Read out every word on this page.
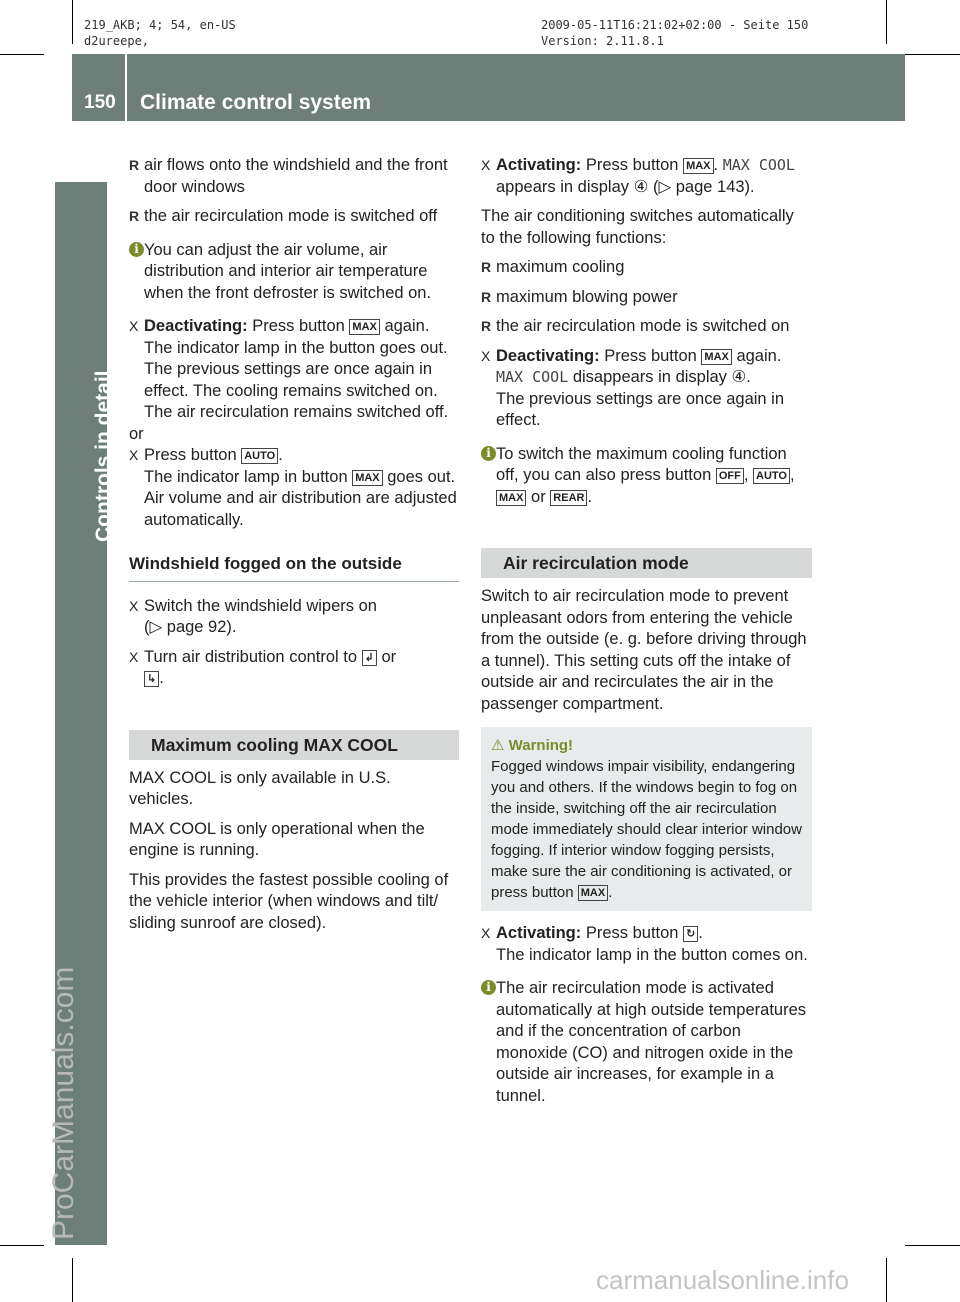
219_AKB; 4; 54, en-US
d2ureepe,
2009-05-11T16:21:02+02:00 - Seite 150
Version: 2.11.8.1
150 Climate control system
Controls in detail
ProCarManuals.com
carmanualsonline.info
R air flows onto the windshield and the front door windows

R the air recirculation mode is switched off

i You can adjust the air volume, air distribution and interior air temperature when the front defroster is switched on.

X Deactivating: Press button MAX again.

The indicator lamp in the button goes out. The previous settings are once again in effect. The cooling remains switched on. The air recirculation remains switched off.

or

X Press button AUTO .

The indicator lamp in button MAX goes out. Air volume and air distribution are adjusted automatically.

Windshield fogged on the outside

X Switch the windshield wipers on

(▷ page 92).

X Turn air distribution control to ↲ or

↳ .

Maximum cooling MAX COOL

MAX COOL is only available in U.S. vehicles.

MAX COOL is only operational when the engine is running.

This provides the fastest possible cooling of the vehicle interior (when windows and tilt/ sliding sunroof are closed).

X Activating: Press button MAX . MAX COOL

appears in display ④ (▷ page 143).

The air conditioning switches automatically to the following functions:

R maximum cooling

R maximum blowing power

R the air recirculation mode is switched on

X Deactivating: Press button MAX again.

MAX COOL disappears in display ④.

The previous settings are once again in effect.

i To switch the maximum cooling function off, you can also press button OFF , AUTO , MAX or REAR .

Air recirculation mode

Switch to air recirculation mode to prevent unpleasant odors from entering the vehicle from the outside (e. g. before driving through a tunnel). This setting cuts off the intake of outside air and recirculates the air in the passenger compartment.

⚠ Warning!

Fogged windows impair visibility, endangering you and others. If the windows begin to fog on the inside, switching off the air recirculation mode immediately should clear interior window fogging. If interior window fogging persists, make sure the air conditioning is activated, or press button MAX .

X Activating: Press button ↻ .

The indicator lamp in the button comes on.

i The air recirculation mode is activated automatically at high outside temperatures and if the concentration of carbon monoxide (CO) and nitrogen oxide in the outside air increases, for example in a tunnel.
